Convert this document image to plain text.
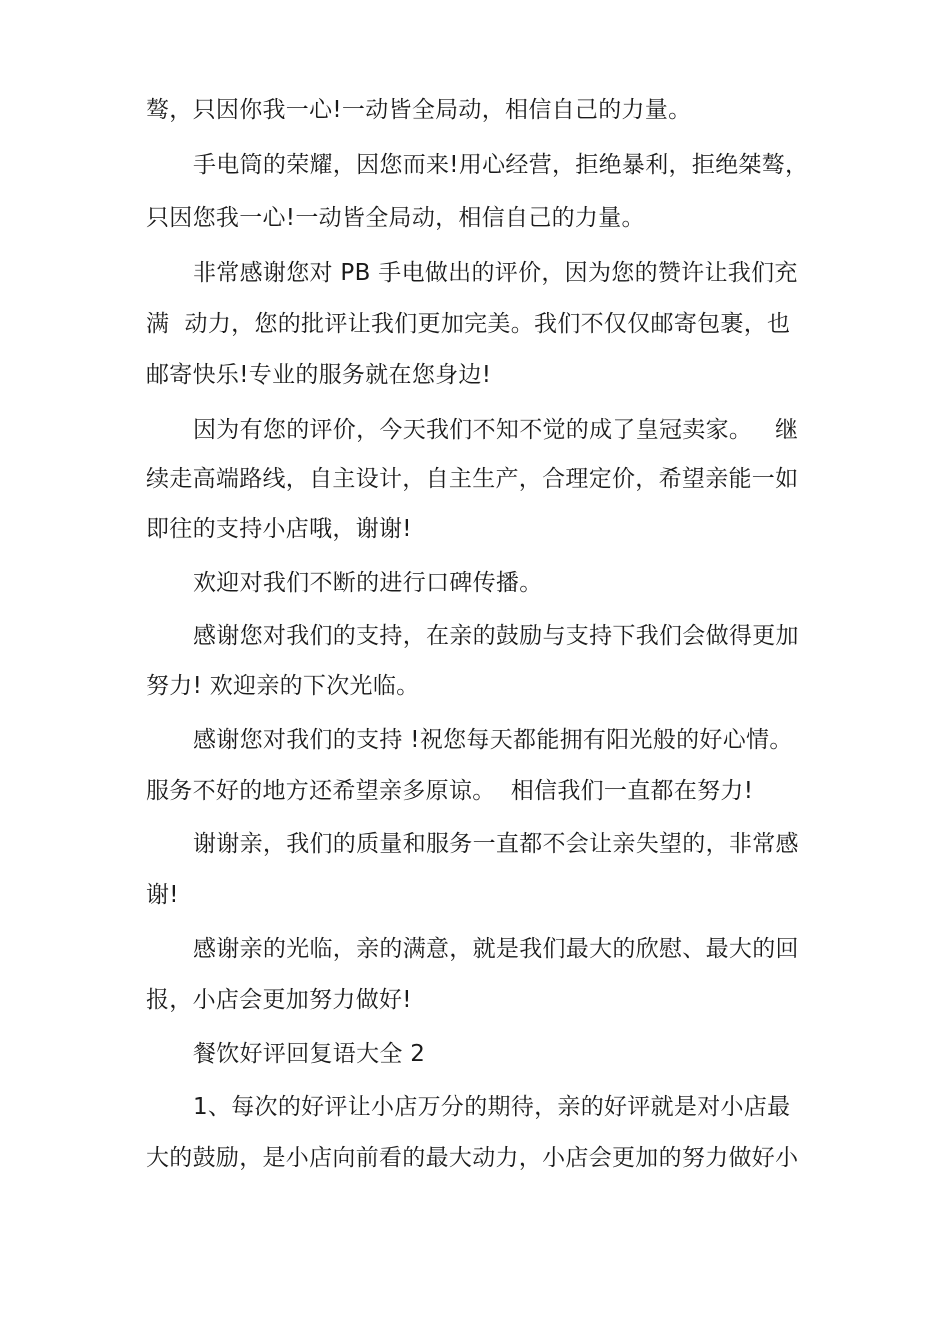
骜，只因你我一心!一动皆全局动，相信自己的力量。
手电筒的荣耀，因您而来!用心经营，拒绝暴利，拒绝桀骜，
只因您我一心!一动皆全局动，相信自己的力量。
非常感谢您对 PB 手电做出的评价，因为您的赞许让我们充
满  动力，您的批评让我们更加完美。我们不仅仅邮寄包裹，也
邮寄快乐!专业的服务就在您身边!
因为有您的评价，今天我们不知不觉的成了皇冠卖家。   继
续走高端路线，自主设计，自主生产，合理定价，希望亲能一如
即往的支持小店哦，谢谢!
欢迎对我们不断的进行口碑传播。
感谢您对我们的支持，在亲的鼓励与支持下我们会做得更加
努力! 欢迎亲的下次光临。
感谢您对我们的支持 !祝您每天都能拥有阳光般的好心情。
服务不好的地方还希望亲多原谅。  相信我们一直都在努力!
谢谢亲，我们的质量和服务一直都不会让亲失望的，非常感
谢!
感谢亲的光临，亲的满意，就是我们最大的欣慰、最大的回
报，小店会更加努力做好!
餐饮好评回复语大全 2
1、每次的好评让小店万分的期待，亲的好评就是对小店最
大的鼓励，是小店向前看的最大动力，小店会更加的努力做好小
